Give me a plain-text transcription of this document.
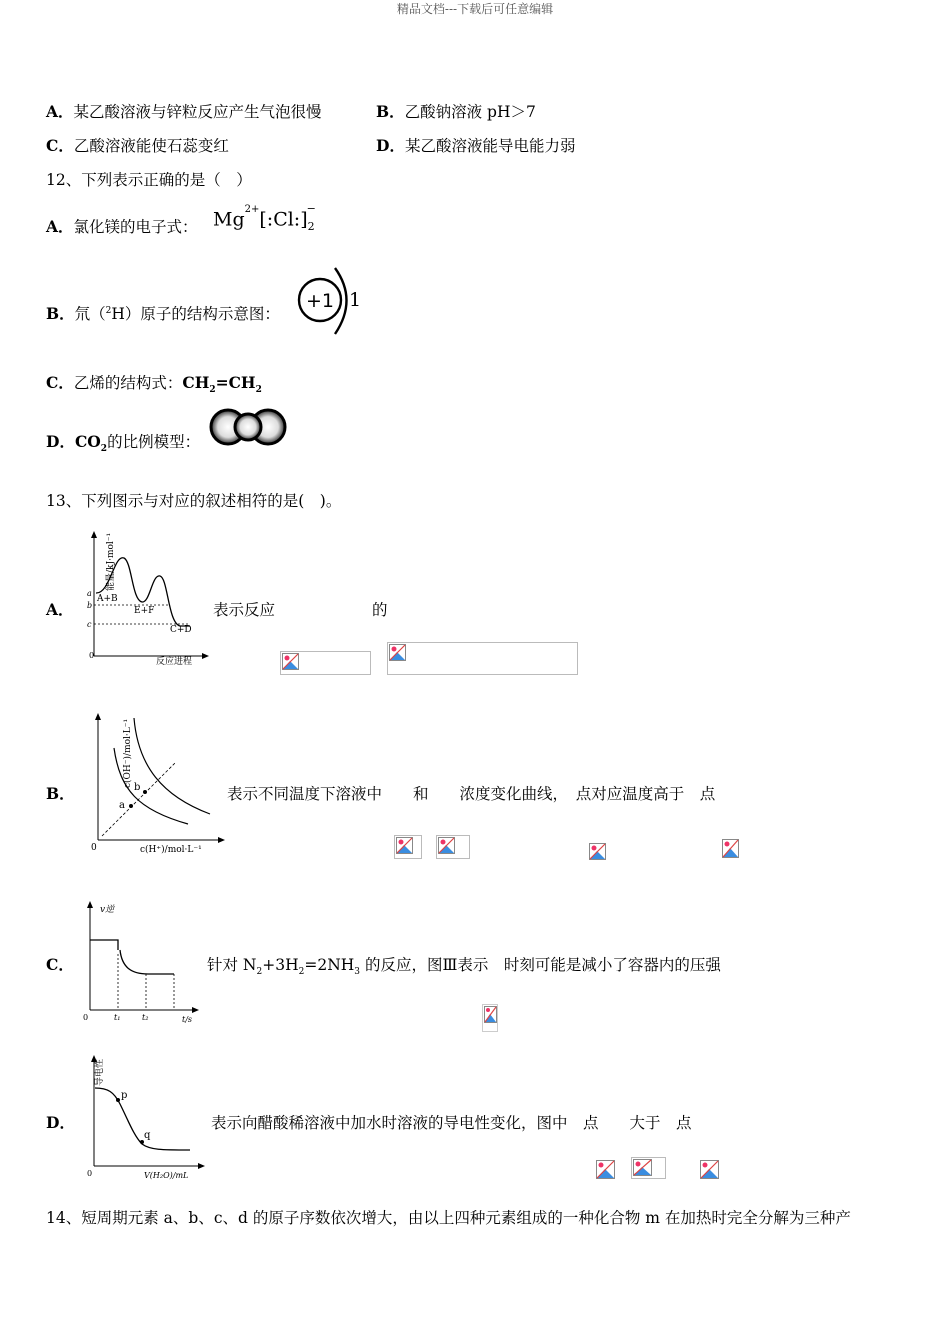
精品文档---下载后可任意编辑
A．某乙酸溶液与锌粒反应产生气泡很慢	B．乙酸钠溶液 pH＞7
C．乙酸溶液能使石蕊变红	D．某乙酸溶液能导电能力弱
12、下列表示正确的是（　）
A．氯化镁的电子式： $Mg^{2+}[:Cl:]_2^-$
B．氘（$^2$H）原子的结构示意图：
+1 1
C．乙烯的结构式：$CH_2=CH_2$
D．$CO_2$的比例模型：
13、下列图示与对应的叙述相符的是(　)。
A．
能量/kJ·mol⁻¹
a
b
c
A+B
E+F
C+D
0
反应进程
表示反应	的
B．
a
b
c(OH⁻)/mol·L⁻¹
0	c(H⁺)/mol·L⁻¹
表示不同温度下溶液中　　和　　浓度变化曲线，　点对应温度高于　点
C．
v逆
0	t₁	t₂	t/s
针对 $N_2+3H_2=2NH_3$ 的反应，图Ⅲ表示　时刻可能是减小了容器内的压强
D．
p
q
导电性
0	V(H₂O)/mL
表示向醋酸稀溶液中加水时溶液的导电性变化，图中　点　　大于　点
14、短周期元素 a、b、c、d 的原子序数依次增大，由以上四种元素组成的一种化合物 m 在加热时完全分解为三种产
